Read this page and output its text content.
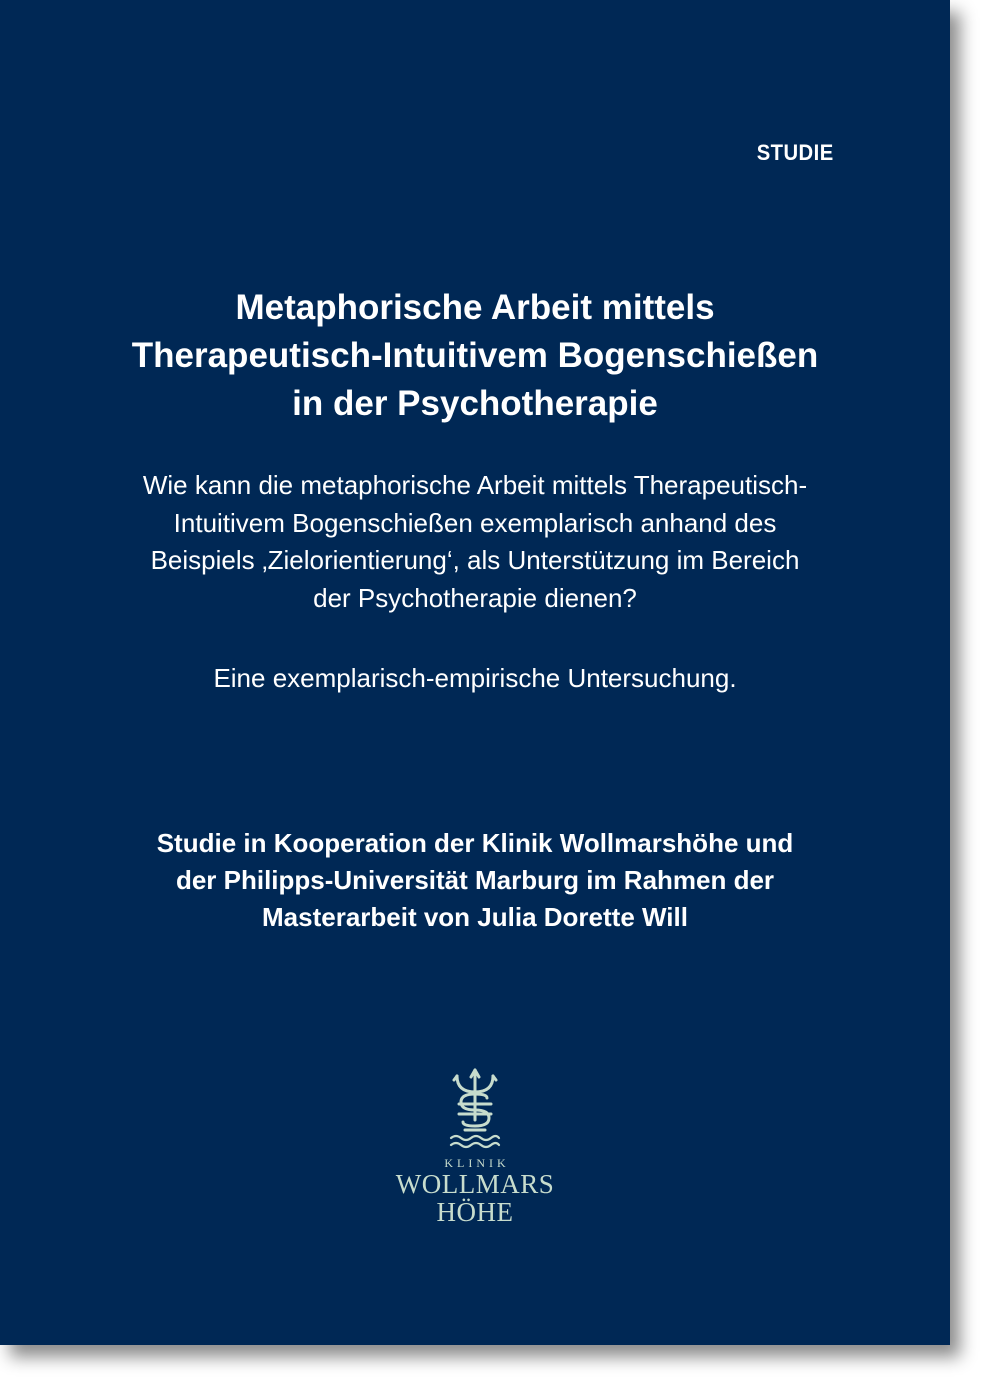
STUDIE
Metaphorische Arbeit mittels
Therapeutisch-Intuitivem Bogenschießen
in der Psychotherapie
Wie kann die metaphorische Arbeit mittels Therapeutisch-
Intuitivem Bogenschießen exemplarisch anhand des
Beispiels ‚Zielorientierung‘, als Unterstützung im Bereich
der Psychotherapie dienen?
Eine exemplarisch-empirische Untersuchung.
Studie in Kooperation der Klinik Wollmarshöhe und
der Philipps-Universität Marburg im Rahmen der
Masterarbeit von Julia Dorette Will
KLINIK
WOLLMARS
HÖHE
